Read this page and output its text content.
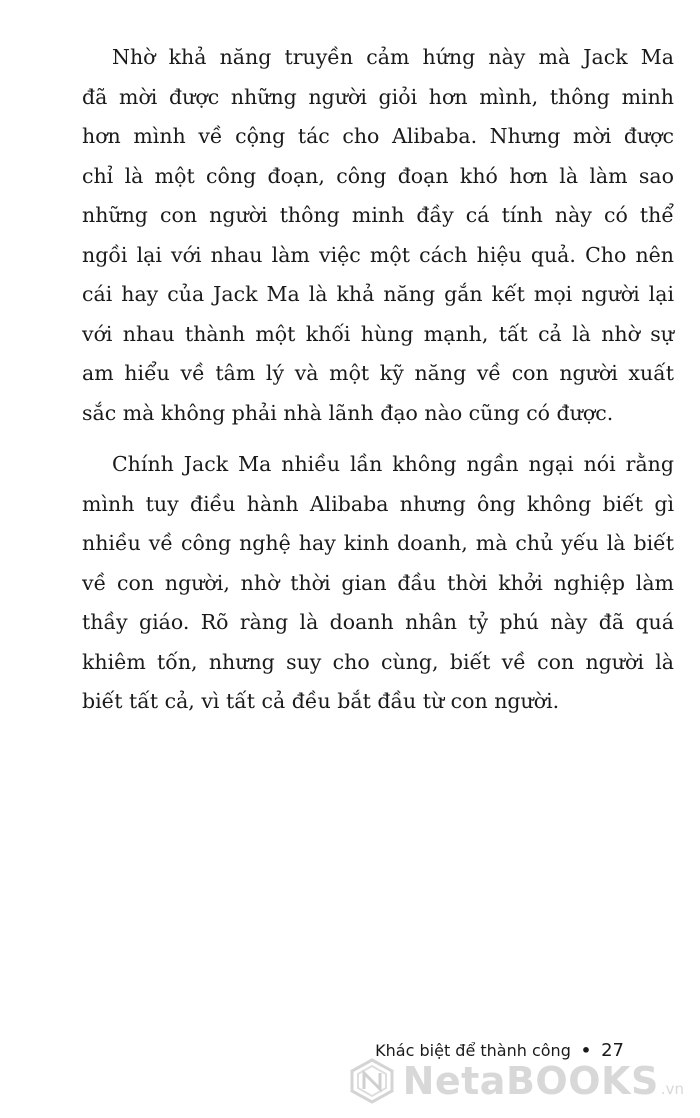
Nhờ khả năng truyền cảm hứng này mà Jack Ma
đã mời được những người giỏi hơn mình, thông minh
hơn mình về cộng tác cho Alibaba. Nhưng mời được
chỉ là một công đoạn, công đoạn khó hơn là làm sao
những con người thông minh đầy cá tính này có thể
ngồi lại với nhau làm việc một cách hiệu quả. Cho nên
cái hay của Jack Ma là khả năng gắn kết mọi người lại
với nhau thành một khối hùng mạnh, tất cả là nhờ sự
am hiểu về tâm lý và một kỹ năng về con người xuất
sắc mà không phải nhà lãnh đạo nào cũng có được.
Chính Jack Ma nhiều lần không ngần ngại nói rằng
mình tuy điều hành Alibaba nhưng ông không biết gì
nhiều về công nghệ hay kinh doanh, mà chủ yếu là biết
về con người, nhờ thời gian đầu thời khởi nghiệp làm
thầy giáo. Rõ ràng là doanh nhân tỷ phú này đã quá
khiêm tốn, nhưng suy cho cùng, biết về con người là
biết tất cả, vì tất cả đều bắt đầu từ con người.
Khác biệt để thành công • 27
NetaBOOKS .vn
